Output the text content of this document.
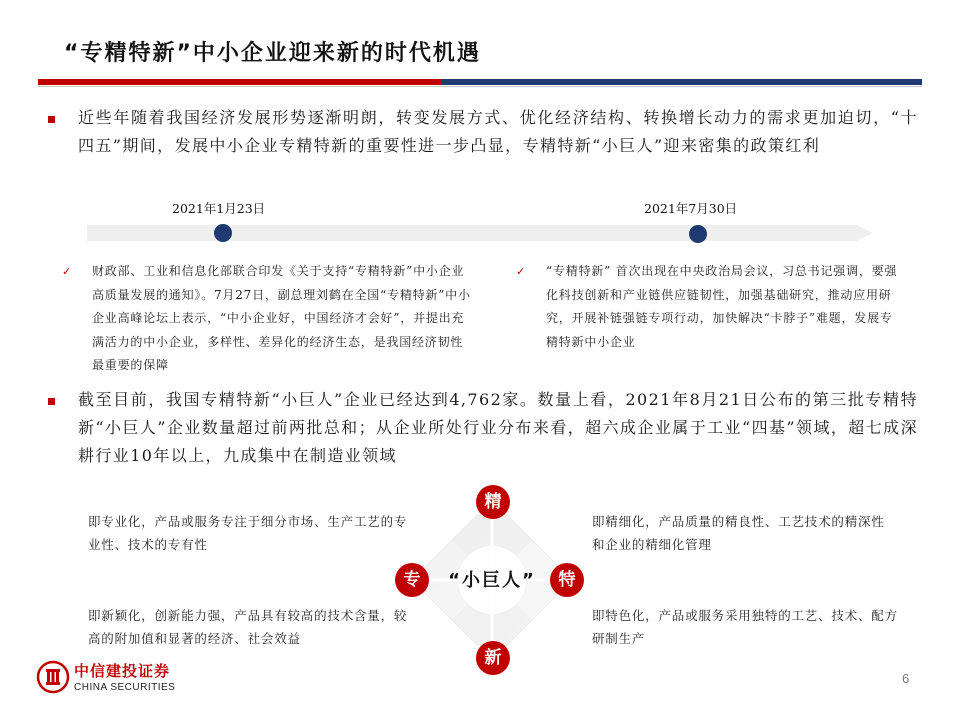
“专精特新”中小企业迎来新的时代机遇

近些年随着我国经济发展形势逐渐明朗，转变发展方式、优化经济结构、转换增长动力的需求更加迫切，“十四五”期间，发展中小企业专精特新的重要性进一步凸显，专精特新“小巨人”迎来密集的政策红利

2021年1月23日	2021年7月30日
✓ 财政部、工业和信息化部联合印发《关于支持“专精特新”中小企业高质量发展的通知》。7月27日，副总理刘鹤在全国“专精特新”中小企业高峰论坛上表示，“中小企业好，中国经济才会好”，并提出充满活力的中小企业，多样性、差异化的经济生态，是我国经济韧性最重要的保障

✓ “专精特新” 首次出现在中央政治局会议，习总书记强调，要强化科技创新和产业链供应链韧性，加强基础研究，推动应用研究，开展补链强链专项行动，加快解决“卡脖子”难题，发展专精特新中小企业

截至目前，我国专精特新“小巨人”企业已经达到4,762家。数量上看，2021年8月21日公布的第三批专精特新“小巨人”企业数量超过前两批总和；从企业所处行业分布来看，超六成企业属于工业“四基”领域，超七成深耕行业10年以上，九成集中在制造业领域

即专业化，产品或服务专注于细分市场、生产工艺的专业性、技术的专有性

即精细化，产品质量的精良性、工艺技术的精深性和企业的精细化管理

即新颖化，创新能力强，产品具有较高的技术含量，较高的附加值和显著的经济、社会效益

即特色化，产品或服务采用独特的工艺、技术、配方研制生产

“小巨人”
精
专	特
新
中信建投证券
CHINA SECURITIES
6
